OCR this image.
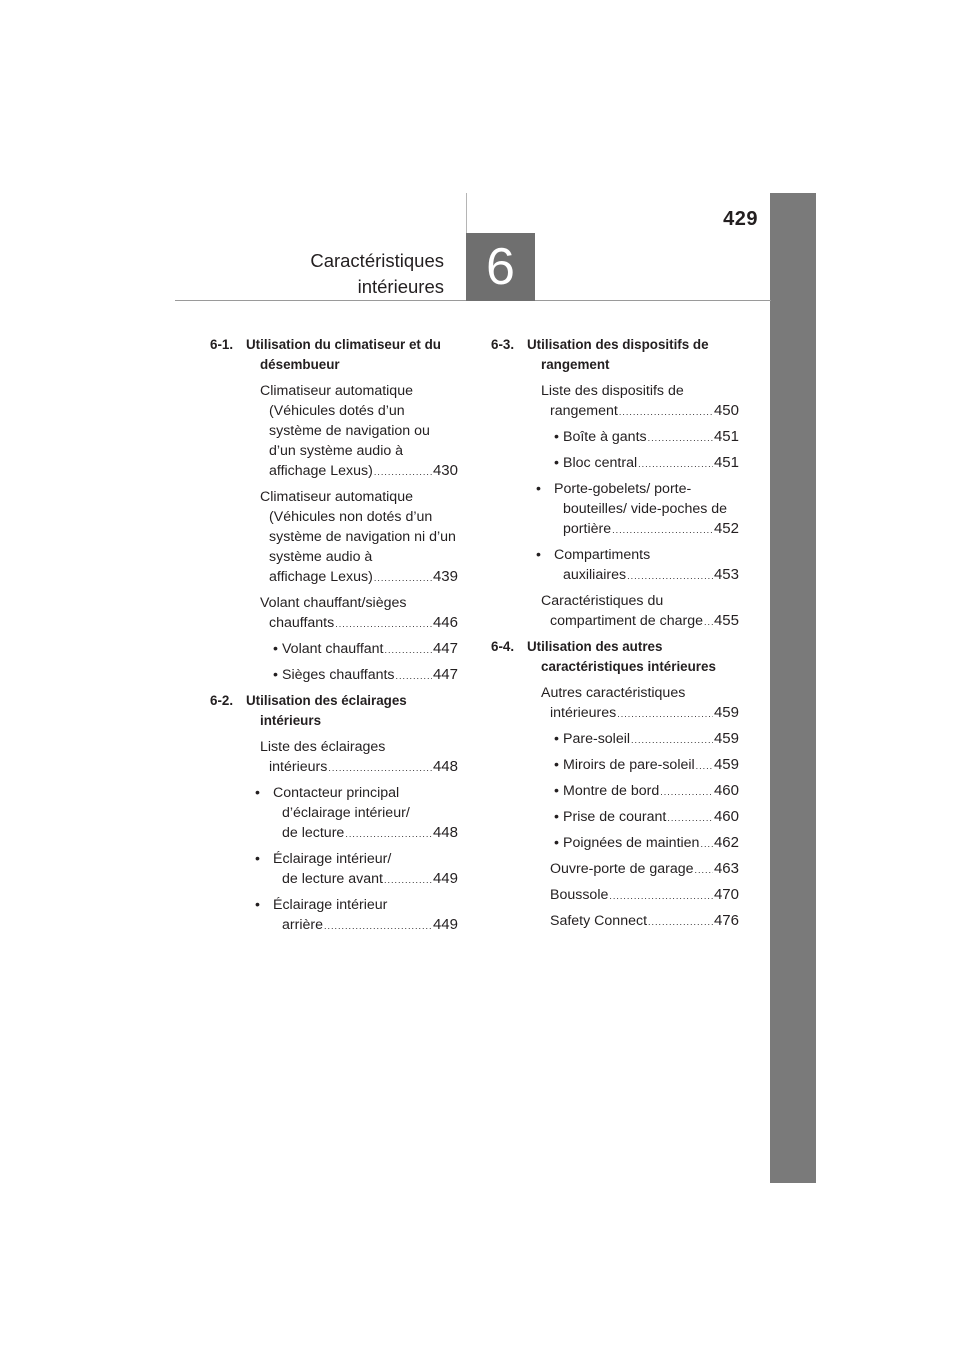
429
Caractéristiques
intérieures 6
6-1. Utilisation du climatiseur et du désembueur
Climatiseur automatique (Véhicules dotés d’un système de navigation ou d’un système audio à
affichage Lexus) .....	430
Climatiseur automatique (Véhicules non dotés d’un système de navigation ni d’un système audio à
affichage Lexus) .....	439
Volant chauffant/sièges
chauffants .....	446
• Volant chauffant .....	447
• Sièges chauffants .....	447
6-2. Utilisation des éclairages intérieurs
Liste des éclairages
intérieurs .....	448
• Contacteur principal d’éclairage intérieur/
de lecture .....	448
• Éclairage intérieur/
de lecture avant .....	449
• Éclairage intérieur
arrière .....	449
6-3. Utilisation des dispositifs de rangement
Liste des dispositifs de
rangement .....	450
• Boîte à gants .....	451
• Bloc central .....	451
• Porte-gobelets/ porte-bouteilles/ vide-poches de
portière .....	452
• Compartiments
auxiliaires .....	453
Caractéristiques du
compartiment de charge ..... 455
6-4. Utilisation des autres caractéristiques intérieures
Autres caractéristiques
intérieures .....	459
• Pare-soleil .....	459
• Miroirs de pare-soleil ..... 459
• Montre de bord .....	460
• Prise de courant .....	460
• Poignées de maintien ..... 462
Ouvre-porte de garage ..... 463
Boussole .....	470
Safety Connect .....	476
